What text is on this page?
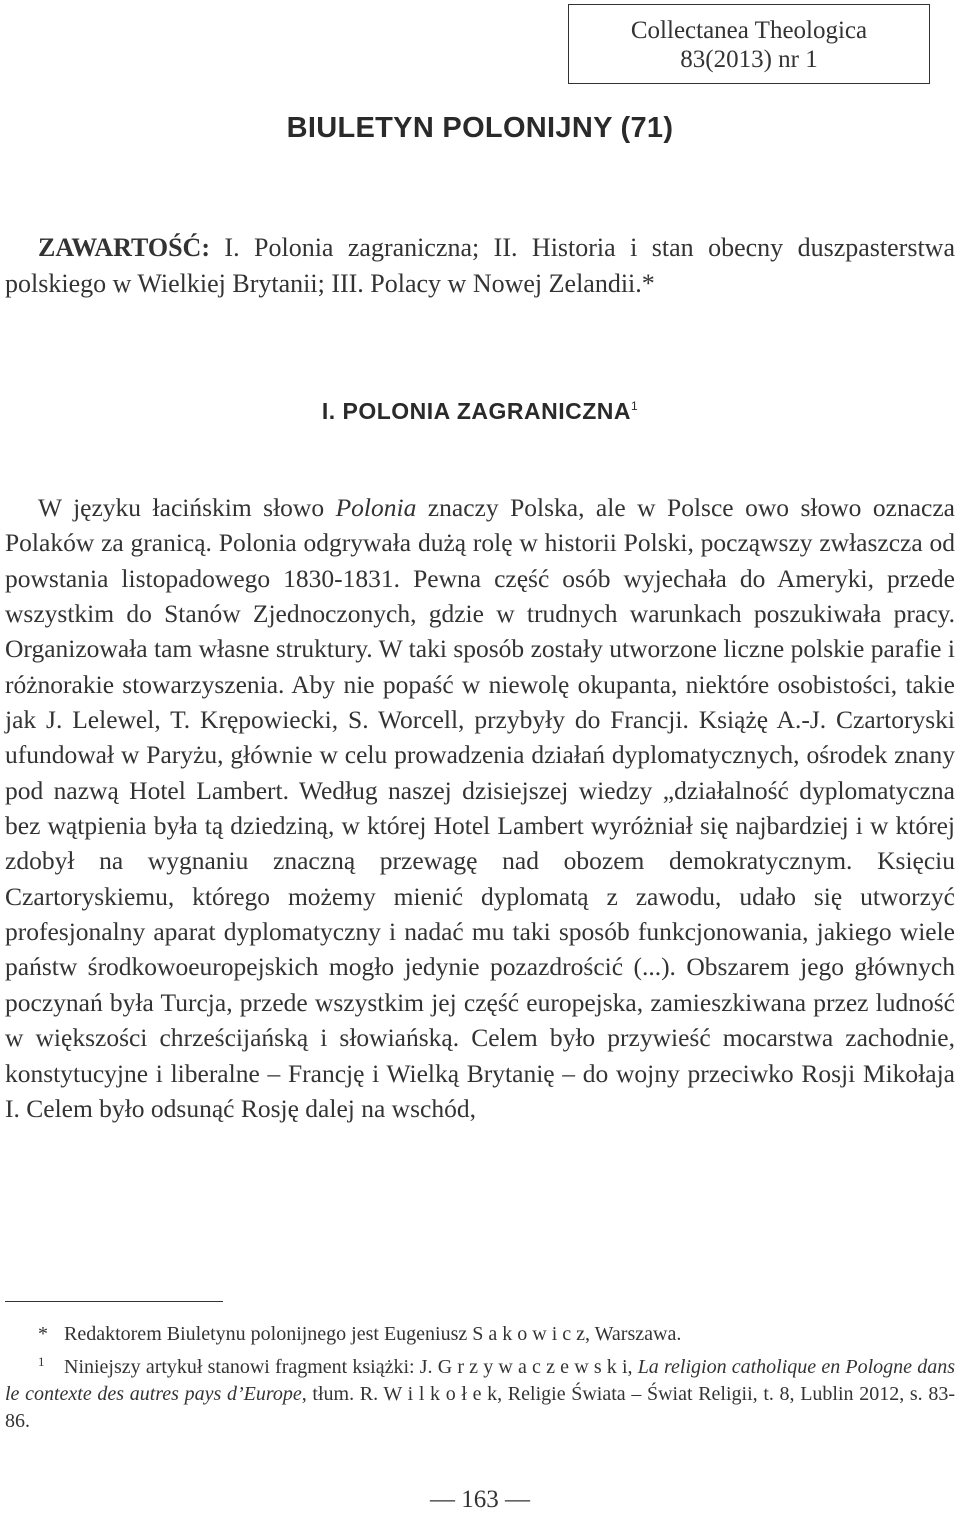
Collectanea Theologica
83(2013) nr 1
BIULETYN POLONIJNY (71)
ZAWARTOŚĆ: I. Polonia zagraniczna; II. Historia i stan obecny duszpasterstwa polskiego w Wielkiej Brytanii; III. Polacy w Nowej Zelandii.*
I. POLONIA ZAGRANICZNA$^1$
W języku łacińskim słowo Polonia znaczy Polska, ale w Polsce owo słowo oznacza Polaków za granicą. Polonia odgrywała dużą rolę w historii Polski, począwszy zwłaszcza od powstania listopadowego 1830-1831. Pewna część osób wyjechała do Ameryki, przede wszystkim do Stanów Zjednoczonych, gdzie w trudnych warunkach poszukiwała pracy. Organizowała tam własne struktury. W taki sposób zostały utworzone liczne polskie parafie i różnorakie stowarzyszenia. Aby nie popaść w niewolę okupanta, niektóre osobistości, takie jak J. Lelewel, T. Krępowiecki, S. Worcell, przybyły do Francji. Książę A.-J. Czartoryski ufundował w Paryżu, głównie w celu prowadzenia działań dyplomatycznych, ośrodek znany pod nazwą Hotel Lambert. Według naszej dzisiejszej wiedzy „działalność dyplomatyczna bez wątpienia była tą dziedziną, w której Hotel Lambert wyróżniał się najbardziej i w której zdobył na wygnaniu znaczną przewagę nad obozem demokratycznym. Księciu Czartoryskiemu, którego możemy mienić dyplomatą z zawodu, udało się utworzyć profesjonalny aparat dyplomatyczny i nadać mu taki sposób funkcjonowania, jakiego wiele państw środkowoeuropejskich mogło jedynie pozazdrościć (...). Obszarem jego głównych poczynań była Turcja, przede wszystkim jej część europejska, zamieszkiwana przez ludność w większości chrześcijańską i słowiańską. Celem było przywieść mocarstwa zachodnie, konstytucyjne i liberalne – Francję i Wielką Brytanię – do wojny przeciwko Rosji Mikołaja I. Celem było odsunąć Rosję dalej na wschód,

* Redaktorem Biuletynu polonijnego jest Eugeniusz S a k o w i c z, Warszawa.

1 Niniejszy artykuł stanowi fragment książki: J. G r z y w a c z e w s k i, La religion catholique en Pologne dans le contexte des autres pays d’Europe, tłum. R. W i l k o ł e k, Religie Świata – Świat Religii, t. 8, Lublin 2012, s. 83-86.

— 163 —
